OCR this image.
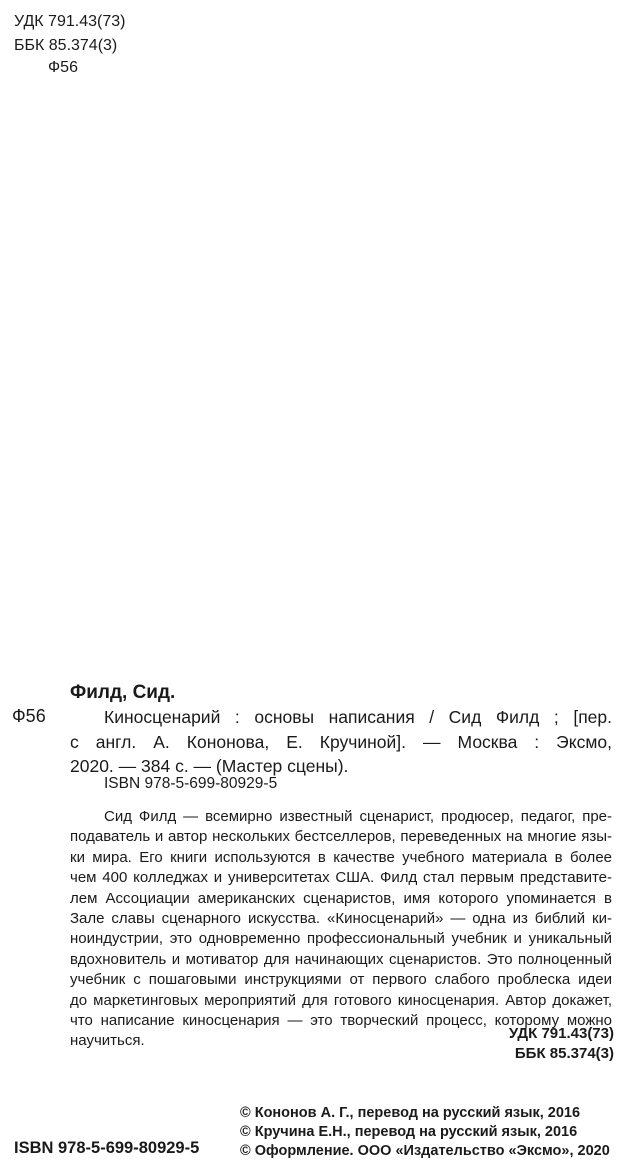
УДК 791.43(73)
ББК 85.374(3)
Ф56
Филд, Сид.
Ф56	Киносценарий : основы написания / Сид Филд ; [пер.
с англ. А. Кононова, Е. Кручиной]. — Москва : Эксмо,
2020. — 384 с. — (Мастер сцены).
ISBN 978-5-699-80929-5
Сид Филд — всемирно известный сценарист, продюсер, педагог, пре-
подаватель и автор нескольких бестселлеров, переведенных на многие язы-
ки мира. Его книги используются в качестве учебного материала в более
чем 400 колледжах и университетах США. Филд стал первым представите-
лем Ассоциации американских сценаристов, имя которого упоминается в
Зале славы сценарного искусства. «Киносценарий» — одна из библий ки-
ноиндустрии, это одновременно профессиональный учебник и уникальный
вдохновитель и мотиватор для начинающих сценаристов. Это полноценный
учебник с пошаговыми инструкциями от первого слабого проблеска идеи
до маркетинговых мероприятий для готового киносценария. Автор докажет,
что написание киносценария — это творческий процесс, которому можно
научиться.	УДК 791.43(73)
ББК 85.374(3)
© Кононов А. Г., перевод на русский язык, 2016
© Кручина Е.Н., перевод на русский язык, 2016
© Оформление. ООО «Издательство «Эксмо», 2020
ISBN 978-5-699-80929-5
